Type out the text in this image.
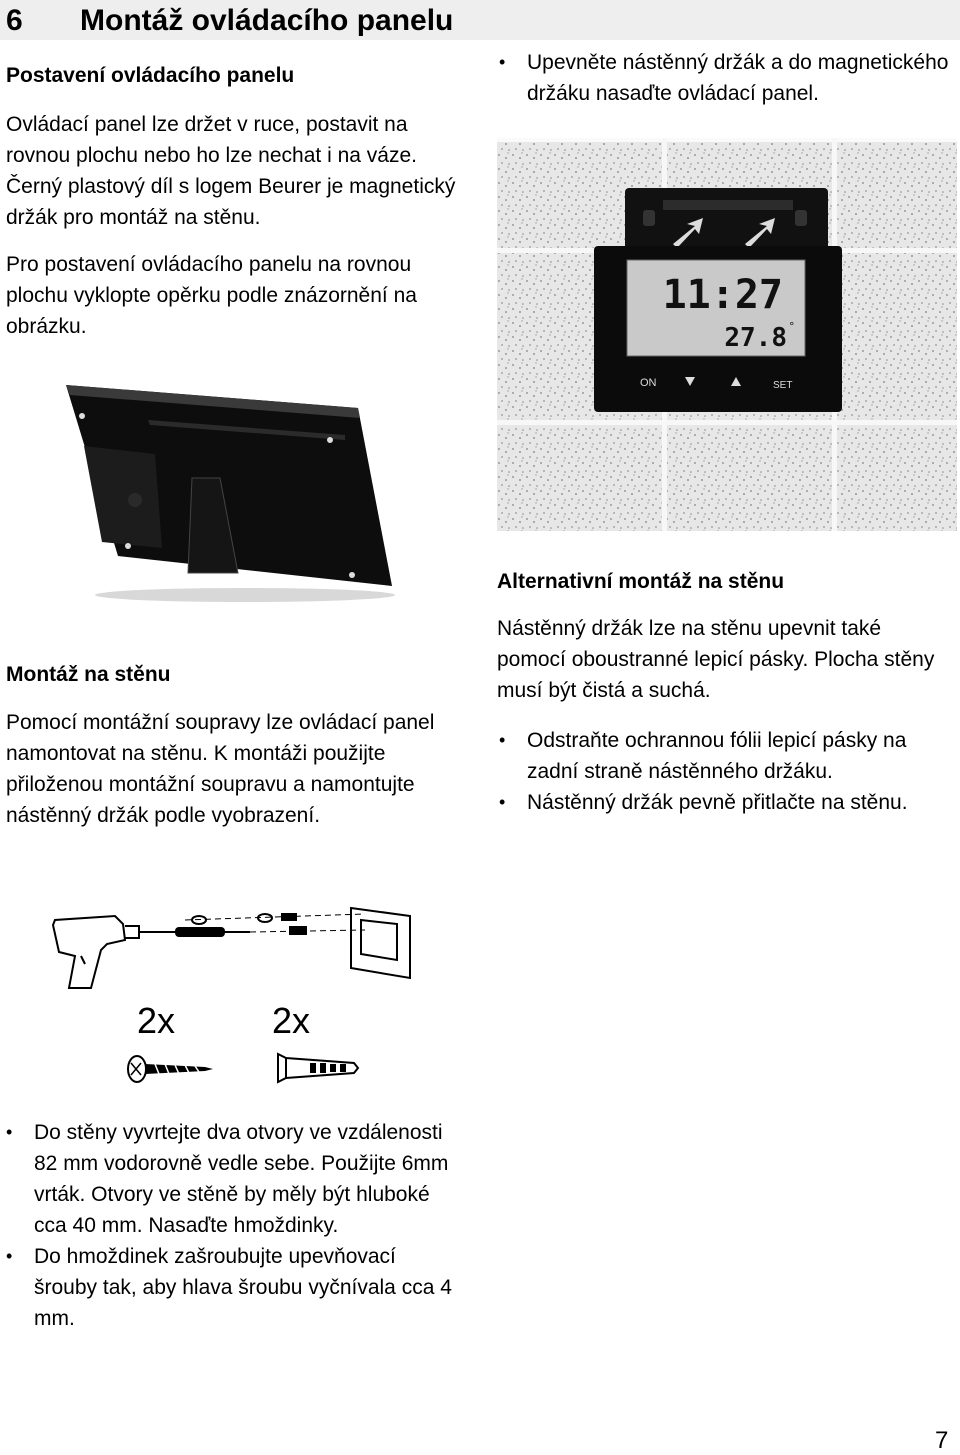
6 Montáž ovládacího panelu
Postavení ovládacího panelu
Ovládací panel lze držet v ruce, postavit na rovnou plochu nebo ho lze nechat i na váze. Černý plastový díl s logem Beurer je magnetický držák pro montáž na stěnu.
Pro postavení ovládacího panelu na rovnou plochu vyklopte opěrku podle znázornění na obrázku.
• Upevněte nástěnný držák a do magnetického držáku nasaďte ovládací panel.
11:27
27.8 °
ON	SET
Montáž na stěnu
Pomocí montážní soupravy lze ovládací panel namontovat na stěnu. K montáži použijte přiloženou montážní soupravu a namontujte nástěnný držák podle vyobrazení.
Alternativní montáž na stěnu
Nástěnný držák lze na stěnu upevnit také pomocí oboustranné lepicí pásky. Plocha stěny musí být čistá a suchá.
• Odstraňte ochrannou fólii lepicí pásky na zadní straně nástěnného držáku.
• Nástěnný držák pevně přitlačte na stěnu.
2x	2x
• Do stěny vyvrtejte dva otvory ve vzdálenosti 82 mm vodorovně vedle sebe. Použijte 6mm vrták. Otvory ve stěně by měly být hluboké cca 40 mm. Nasaďte hmoždinky.
• Do hmoždinek zašroubujte upevňovací šrouby tak, aby hlava šroubu vyčnívala cca 4 mm.
7
